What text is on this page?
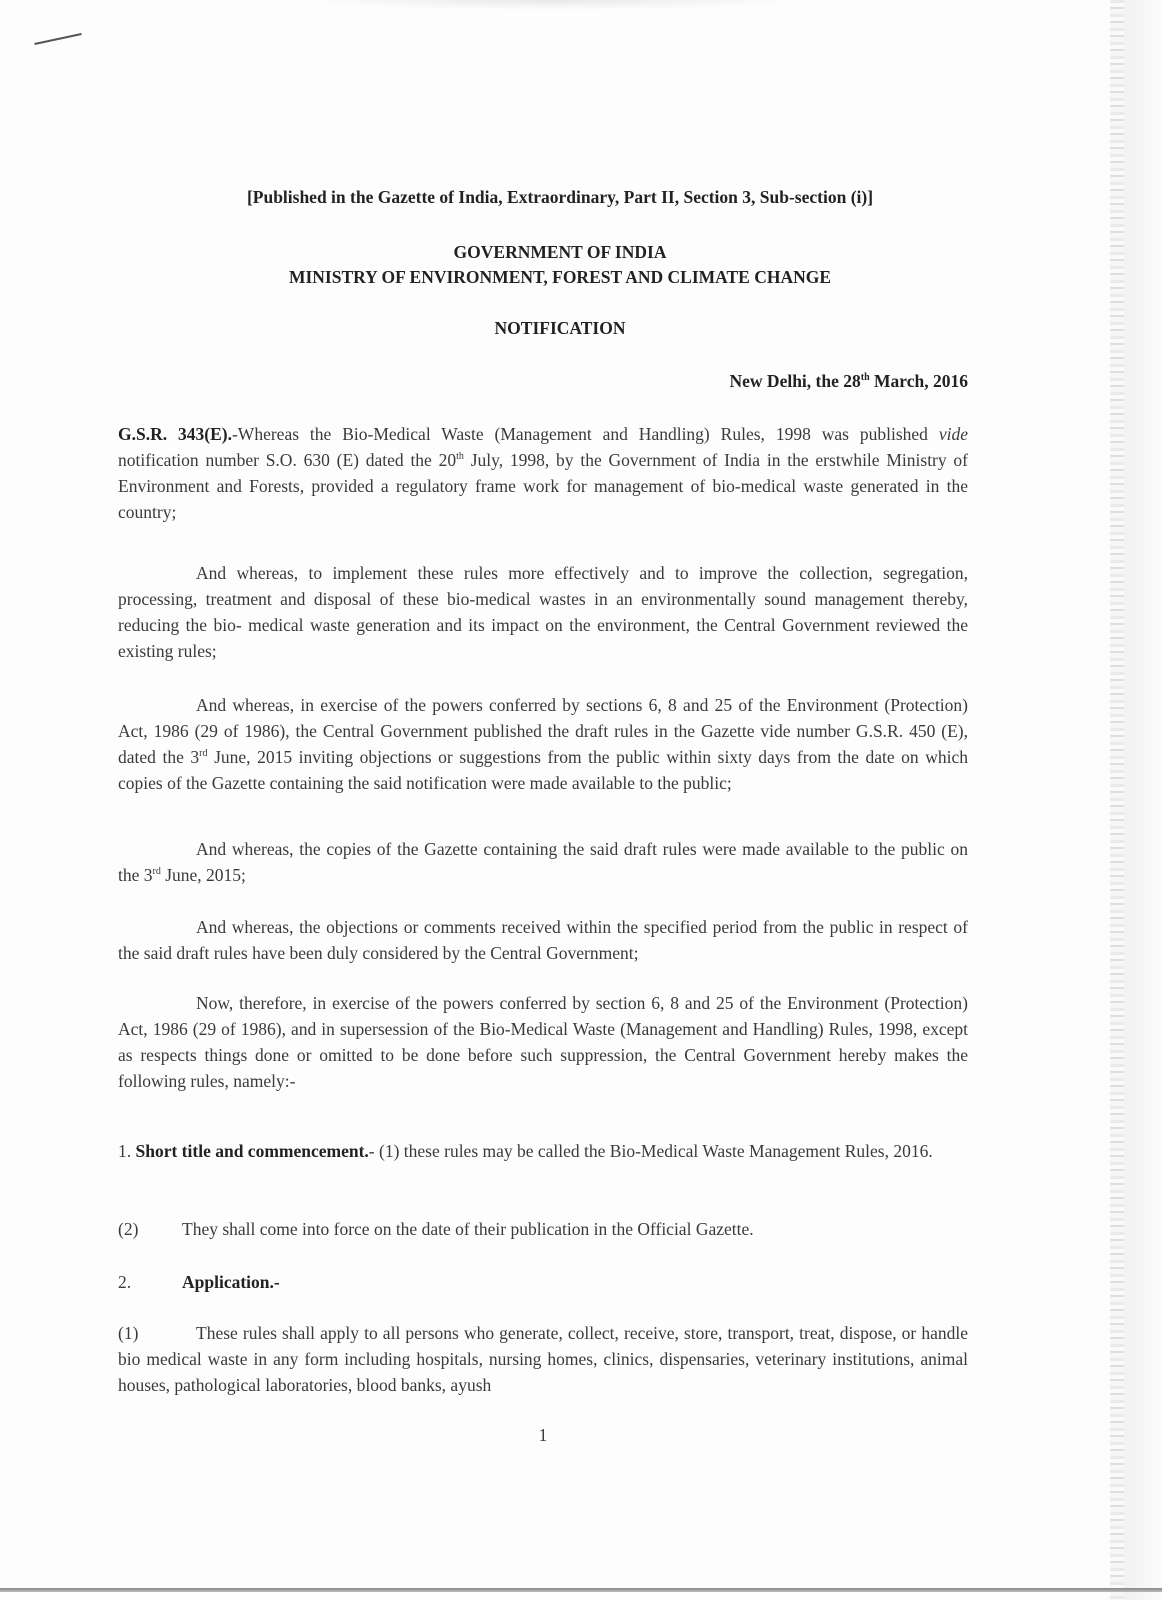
[Published in the Gazette of India, Extraordinary, Part II, Section 3, Sub-section (i)]
GOVERNMENT OF INDIA
MINISTRY OF ENVIRONMENT, FOREST AND CLIMATE CHANGE
NOTIFICATION
New Delhi, the 28th March, 2016
G.S.R. 343(E).-Whereas the Bio-Medical Waste (Management and Handling) Rules, 1998 was published vide notification number S.O. 630 (E) dated the 20th July, 1998, by the Government of India in the erstwhile Ministry of Environment and Forests, provided a regulatory frame work for management of bio-medical waste generated in the country;
And whereas, to implement these rules more effectively and to improve the collection, segregation, processing, treatment and disposal of these bio-medical wastes in an environmentally sound management thereby, reducing the bio- medical waste generation and its impact on the environment, the Central Government reviewed the existing rules;
And whereas, in exercise of the powers conferred by sections 6, 8 and 25 of the Environment (Protection) Act, 1986 (29 of 1986), the Central Government published the draft rules in the Gazette vide number G.S.R. 450 (E), dated the 3rd June, 2015 inviting objections or suggestions from the public within sixty days from the date on which copies of the Gazette containing the said notification were made available to the public;
And whereas, the copies of the Gazette containing the said draft rules were made available to the public on the 3rd June, 2015;
And whereas, the objections or comments received within the specified period from the public in respect of the said draft rules have been duly considered by the Central Government;
Now, therefore, in exercise of the powers conferred by section 6, 8 and 25 of the Environment (Protection) Act, 1986 (29 of 1986), and in supersession of the Bio-Medical Waste (Management and Handling) Rules, 1998, except as respects things done or omitted to be done before such suppression, the Central Government hereby makes the following rules, namely:-
1. Short title and commencement.- (1) these rules may be called the Bio-Medical Waste Management Rules, 2016.
(2) They shall come into force on the date of their publication in the Official Gazette.
2.	Application.-
(1)	These rules shall apply to all persons who generate, collect, receive, store, transport, treat, dispose, or handle bio medical waste in any form including hospitals, nursing homes, clinics, dispensaries, veterinary institutions, animal houses, pathological laboratories, blood banks, ayush
1
